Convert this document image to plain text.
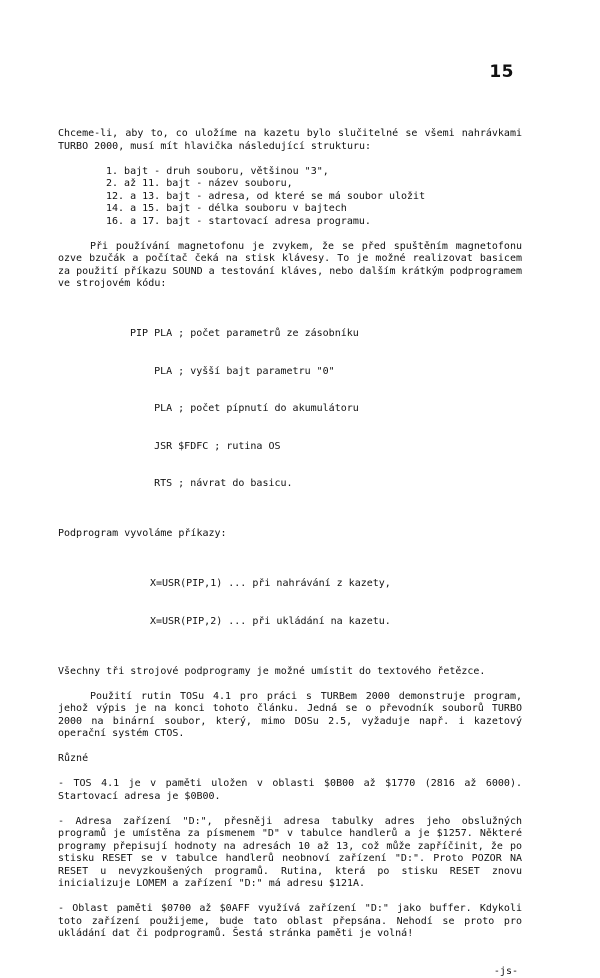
15

Chceme-li, aby to, co uložíme na kazetu bylo slučitelné se všemi nahrávkami TURBO 2000, musí mít hlavička následující strukturu:

1. bajt - druh souboru, většinou "3",
2. až 11. bajt - název souboru,
12. a 13. bajt - adresa, od které se má soubor uložit
14. a 15. bajt - délka souboru v bajtech
16. a 17. bajt - startovací adresa programu.

Při používání magnetofonu je zvykem, že se před spuštěním magnetofonu ozve bzučák a počítač čeká na stisk klávesy. To je možné realizovat basicem za použití příkazu SOUND a testování kláves, nebo dalším krátkým podprogramem ve strojovém kódu:

PIP PLA ; počet parametrů ze zásobníku

PLA ; vyšší bajt parametru "0"

PLA ; počet pípnutí do akumulátoru

JSR $FDFC ; rutina OS

RTS ; návrat do basicu.

Podprogram vyvoláme příkazy:

X=USR(PIP,1) ... při nahrávání z kazety,

X=USR(PIP,2) ... při ukládání na kazetu.

Všechny tři strojové podprogramy je možné umístit do textového řetězce.

Použití rutin TOSu 4.1 pro práci s TURBem 2000 demonstruje program, jehož výpis je na konci tohoto článku. Jedná se o převodník souborů TURBO 2000 na binární soubor, který, mimo DOSu 2.5, vyžaduje např. i kazetový operační systém CTOS.

Různé

- TOS 4.1 je v paměti uložen v oblasti $0B00 až $1770 (2816 až 6000). Startovací adresa je $0B00.

- Adresa zařízení "D:", přesněji adresa tabulky adres jeho obslužných programů je umístěna za písmenem "D" v tabulce handlerů a je $1257. Některé programy přepisují hodnoty na adresách 10 až 13, což může zapříčinit, že po stisku RESET se v tabulce handlerů neobnoví zařízení "D:". Proto POZOR NA RESET u nevyzkoušených programů. Rutina, která po stisku RESET znovu inicializuje LOMEM a zařízení "D:" má adresu $121A.

- Oblast paměti $0700 až $0AFF využívá zařízení "D:" jako buffer. Kdykoli toto zařízení použijeme, bude tato oblast přepsána. Nehodí se proto pro ukládání dat či podprogramů. Šestá stránka paměti je volná!

-js-
